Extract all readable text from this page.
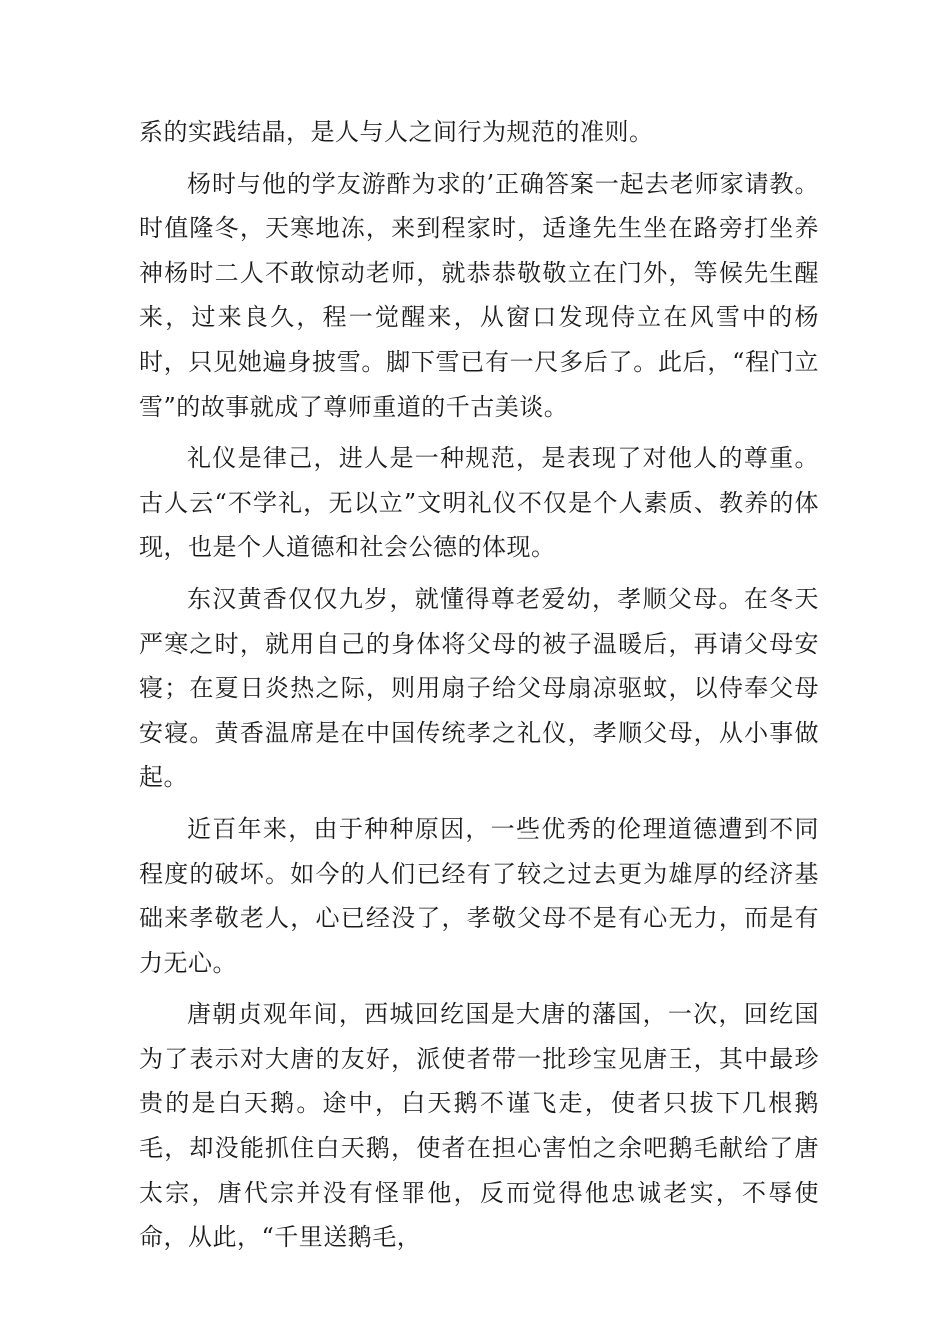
系的实践结晶，是人与人之间行为规范的准则。

杨时与他的学友游酢为求的’正确答案一起去老师家请教。时值隆冬，天寒地冻，来到程家时，适逢先生坐在路旁打坐养神杨时二人不敢惊动老师，就恭恭敬敬立在门外，等候先生醒来，过来良久，程一觉醒来，从窗口发现侍立在风雪中的杨时，只见她遍身披雪。脚下雪已有一尺多后了。此后，“程门立雪”的故事就成了尊师重道的千古美谈。

礼仪是律己，进人是一种规范，是表现了对他人的尊重。古人云“不学礼，无以立”文明礼仪不仅是个人素质、教养的体现，也是个人道德和社会公德的体现。

东汉黄香仅仅九岁，就懂得尊老爱幼，孝顺父母。在冬天严寒之时，就用自己的身体将父母的被子温暖后，再请父母安寝；在夏日炎热之际，则用扇子给父母扇凉驱蚊，以侍奉父母安寝。黄香温席是在中国传统孝之礼仪，孝顺父母，从小事做起。

近百年来，由于种种原因，一些优秀的伦理道德遭到不同程度的破坏。如今的人们已经有了较之过去更为雄厚的经济基础来孝敬老人，心已经没了，孝敬父母不是有心无力，而是有力无心。

唐朝贞观年间，西城回纥国是大唐的藩国，一次，回纥国为了表示对大唐的友好，派使者带一批珍宝见唐王，其中最珍贵的是白天鹅。途中，白天鹅不谨飞走，使者只拔下几根鹅毛，却没能抓住白天鹅，使者在担心害怕之余吧鹅毛献给了唐太宗，唐代宗并没有怪罪他，反而觉得他忠诚老实，不辱使命，从此，“千里送鹅毛，
